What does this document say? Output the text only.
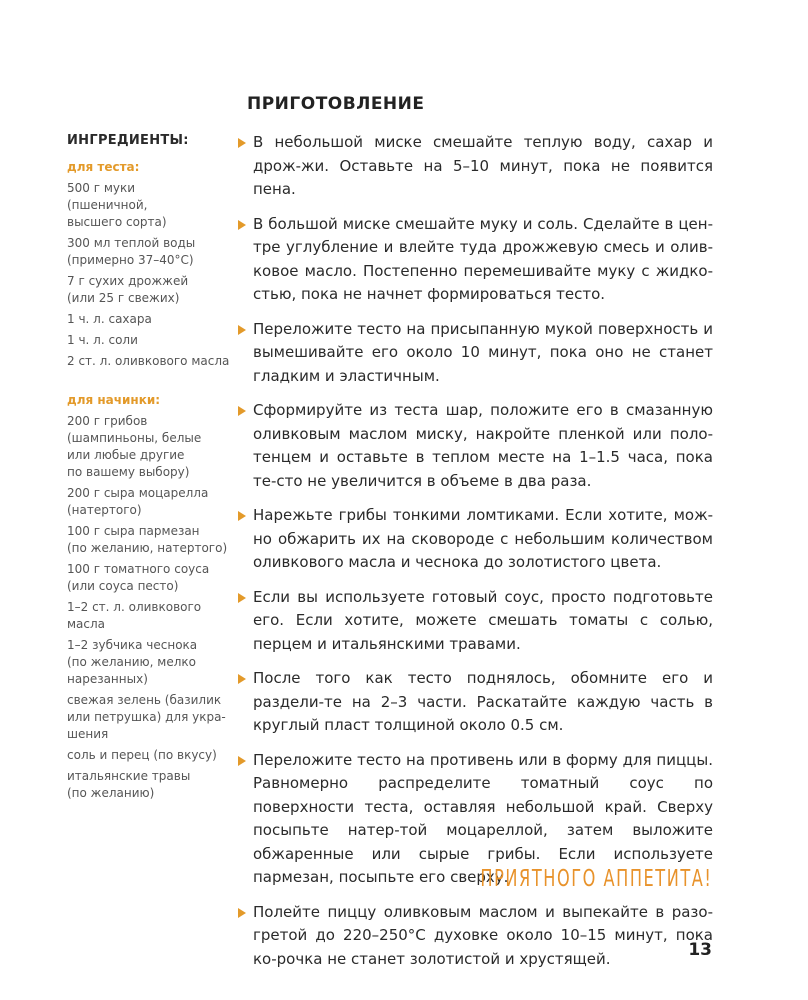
ПРИГОТОВЛЕНИЕ
ИНГРЕДИЕНТЫ:
для теста:
500 г муки
(пшеничной,
высшего сорта)
300 мл теплой воды
(примерно 37–40°C)
7 г сухих дрожжей
(или 25 г свежих)
1 ч. л. сахара
1 ч. л. соли
2 ст. л. оливкового масла
для начинки:
200 г грибов
(шампиньоны, белые
или любые другие
по вашему выбору)
200 г сыра моцарелла
(натертого)
100 г сыра пармезан
(по желанию, натертого)
100 г томатного соуса
(или соуса песто)
1–2 ст. л. оливкового
масла
1–2 зубчика чеснока
(по желанию, мелко
нарезанных)
свежая зелень (базилик
или петрушка) для укра-
шения
соль и перец (по вкусу)
итальянские травы
(по желанию)
В небольшой миске смешайте теплую воду, сахар и дрож-жи. Оставьте на 5–10 минут, пока не появится пена.
В большой миске смешайте муку и соль. Сделайте в цен-тре углубление и влейте туда дрожжевую смесь и олив-ковое масло. Постепенно перемешивайте муку с жидко-стью, пока не начнет формироваться тесто.
Переложите тесто на присыпанную мукой поверхность и вымешивайте его около 10 минут, пока оно не станет гладким и эластичным.
Сформируйте из теста шар, положите его в смазанную оливковым маслом миску, накройте пленкой или поло-тенцем и оставьте в теплом месте на 1–1.5 часа, пока те-сто не увеличится в объеме в два раза.
Нарежьте грибы тонкими ломтиками. Если хотите, мож-но обжарить их на сковороде с небольшим количеством оливкового масла и чеснока до золотистого цвета.
Если вы используете готовый соус, просто подготовьте его. Если хотите, можете смешать томаты с солью, перцем и итальянскими травами.
После того как тесто поднялось, обомните его и раздели-те на 2–3 части. Раскатайте каждую часть в круглый пласт толщиной около 0.5 см.
Переложите тесто на противень или в форму для пиццы. Равномерно распределите томатный соус по поверхности теста, оставляя небольшой край. Сверху посыпьте натер-той моцареллой, затем выложите обжаренные или сырые грибы. Если используете пармезан, посыпьте его сверху.
Полейте пиццу оливковым маслом и выпекайте в разо-гретой до 220–250°C духовке около 10–15 минут, пока ко-рочка не станет золотистой и хрустящей.
ПРИЯТНОГО АППЕТИТА!
13
